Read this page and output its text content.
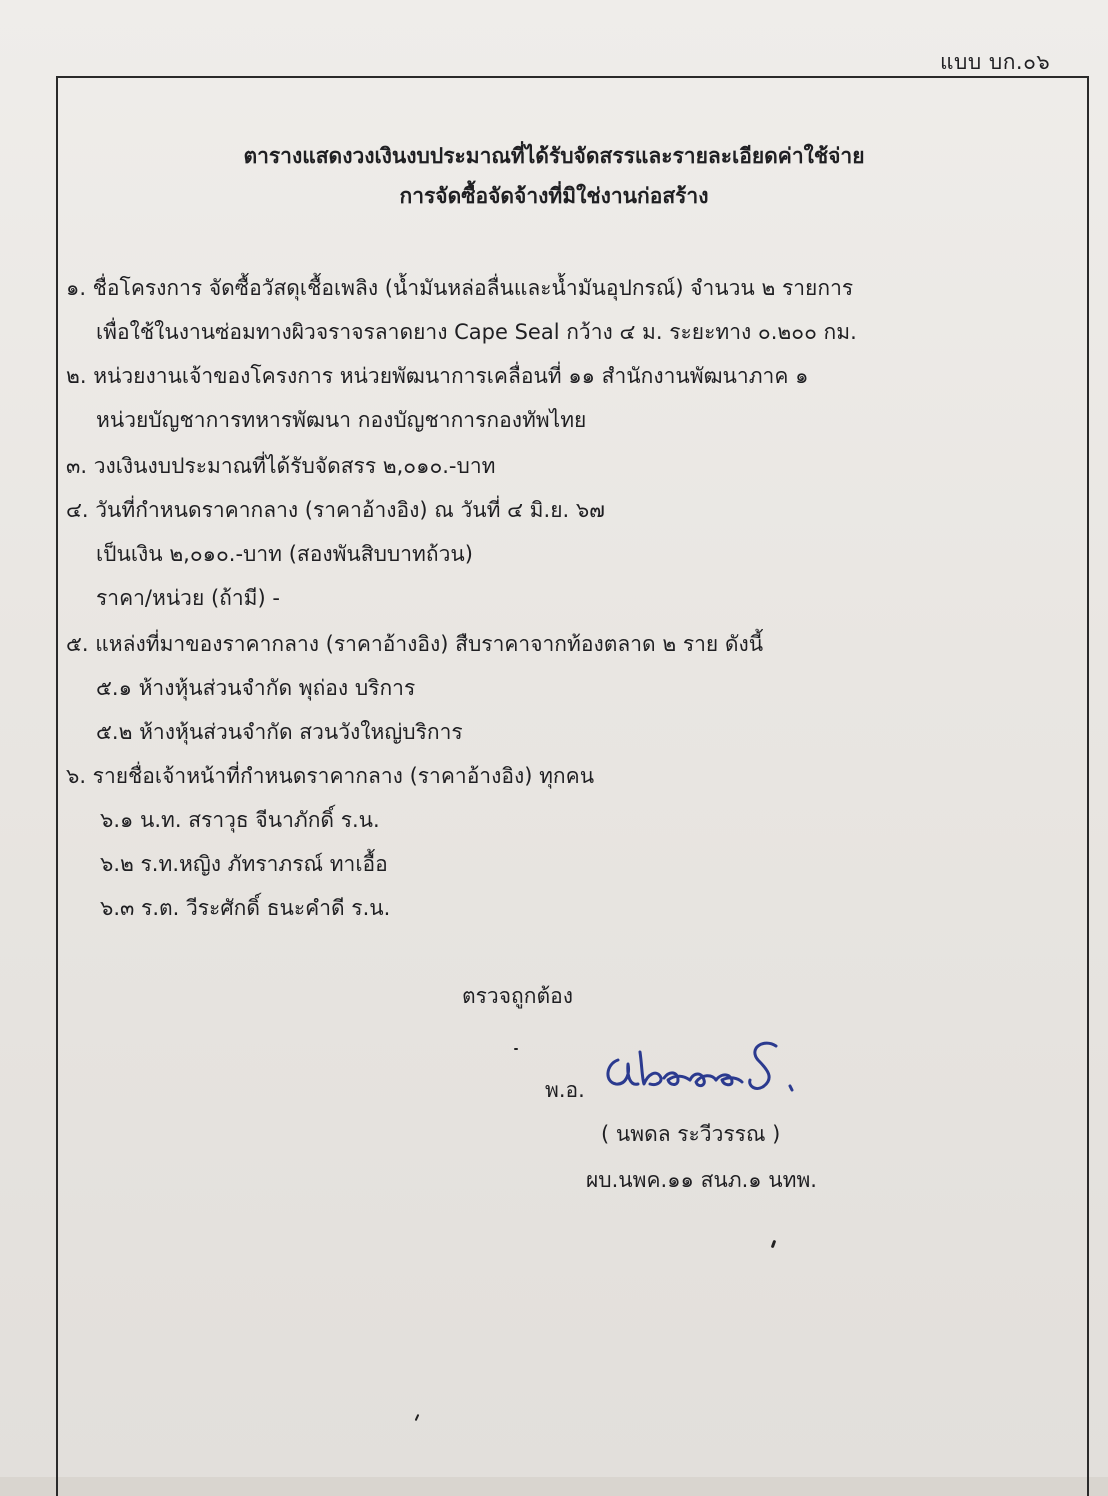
แบบ บก.๐๖
ตารางแสดงวงเงินงบประมาณที่ได้รับจัดสรรและรายละเอียดค่าใช้จ่าย
การจัดซื้อจัดจ้างที่มิใช่งานก่อสร้าง
๑. ชื่อโครงการ จัดซื้อวัสดุเชื้อเพลิง (น้ำมันหล่อลื่นและน้ำมันอุปกรณ์) จำนวน ๒ รายการ
เพื่อใช้ในงานซ่อมทางผิวจราจรลาดยาง Cape Seal กว้าง ๔ ม. ระยะทาง ๐.๒๐๐ กม.
๒. หน่วยงานเจ้าของโครงการ หน่วยพัฒนาการเคลื่อนที่ ๑๑ สำนักงานพัฒนาภาค ๑
หน่วยบัญชาการทหารพัฒนา กองบัญชาการกองทัพไทย
๓. วงเงินงบประมาณที่ได้รับจัดสรร ๒,๐๑๐.-บาท
๔. วันที่กำหนดราคากลาง (ราคาอ้างอิง) ณ วันที่ ๔ มิ.ย. ๖๗
เป็นเงิน ๒,๐๑๐.-บาท (สองพันสิบบาทถ้วน)
ราคา/หน่วย (ถ้ามี) -
๕. แหล่งที่มาของราคากลาง (ราคาอ้างอิง) สืบราคาจากท้องตลาด ๒ ราย ดังนี้
๕.๑ ห้างหุ้นส่วนจำกัด พุถ่อง บริการ
๕.๒ ห้างหุ้นส่วนจำกัด สวนวังใหญ่บริการ
๖. รายชื่อเจ้าหน้าที่กำหนดราคากลาง (ราคาอ้างอิง) ทุกคน
๖.๑ น.ท. สราวุธ จีนาภักดิ์ ร.น.
๖.๒ ร.ท.หญิง ภัทราภรณ์ ทาเอื้อ
๖.๓ ร.ต. วีระศักดิ์ ธนะคำดี ร.น.
ตรวจถูกต้อง
พ.อ.
( นพดล ระวีวรรณ )
ผบ.นพค.๑๑ สนภ.๑ นทพ.
